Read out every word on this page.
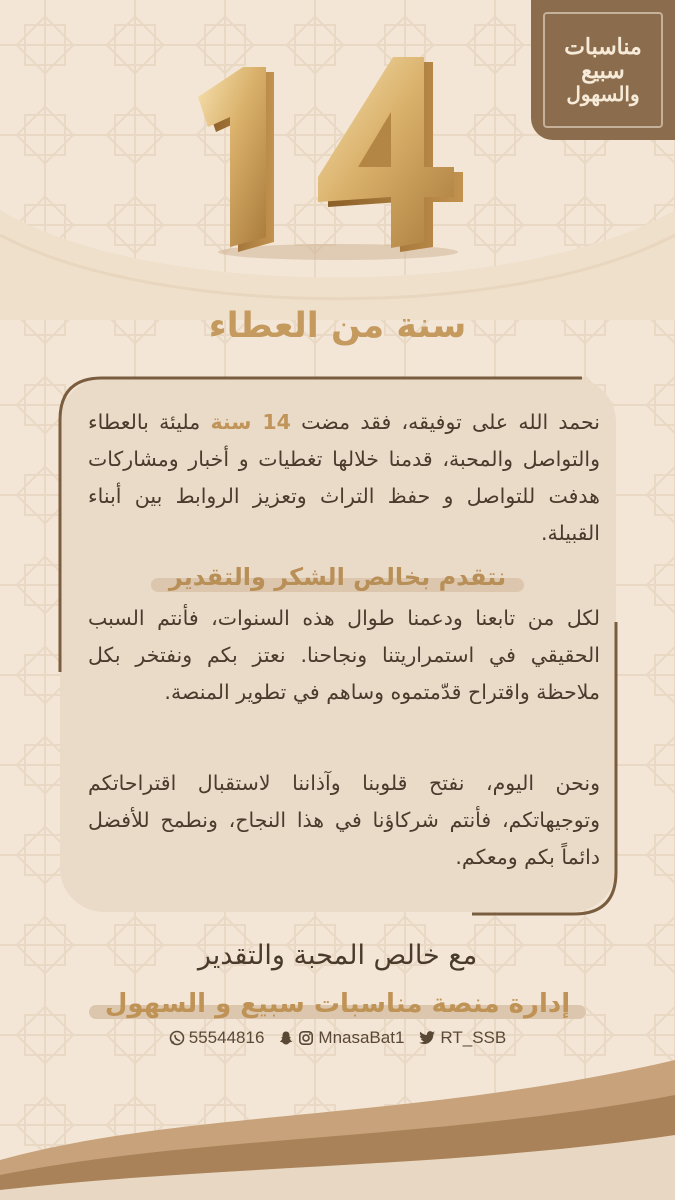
مناسبات
سبيع
والسهول
سنة من العطاء
نحمد الله على توفيقه، فقد مضت 14 سنة مليئة بالعطاء والتواصل والمحبة، قدمنا خلالها تغطيات و أخبار ومشاركات هدفت للتواصل و حفظ التراث وتعزيز الروابط بين أبناء القبيلة.
نتقدم بخالص الشكر والتقدير
لكل من تابعنا ودعمنا طوال هذه السنوات، فأنتم السبب الحقيقي في استمراريتنا ونجاحنا. نعتز بكم ونفتخر بكل ملاحظة واقتراح قدّمتموه وساهم في تطوير المنصة.
ونحن اليوم، نفتح قلوبنا وآذاننا لاستقبال اقتراحاتكم وتوجيهاتكم، فأنتم شركاؤنا في هذا النجاح، ونطمح للأفضل دائماً بكم ومعكم.
مع خالص المحبة والتقدير
إدارة منصة مناسبات سبيع و السهول
55544816	MnasaBat1 RT_SSB
